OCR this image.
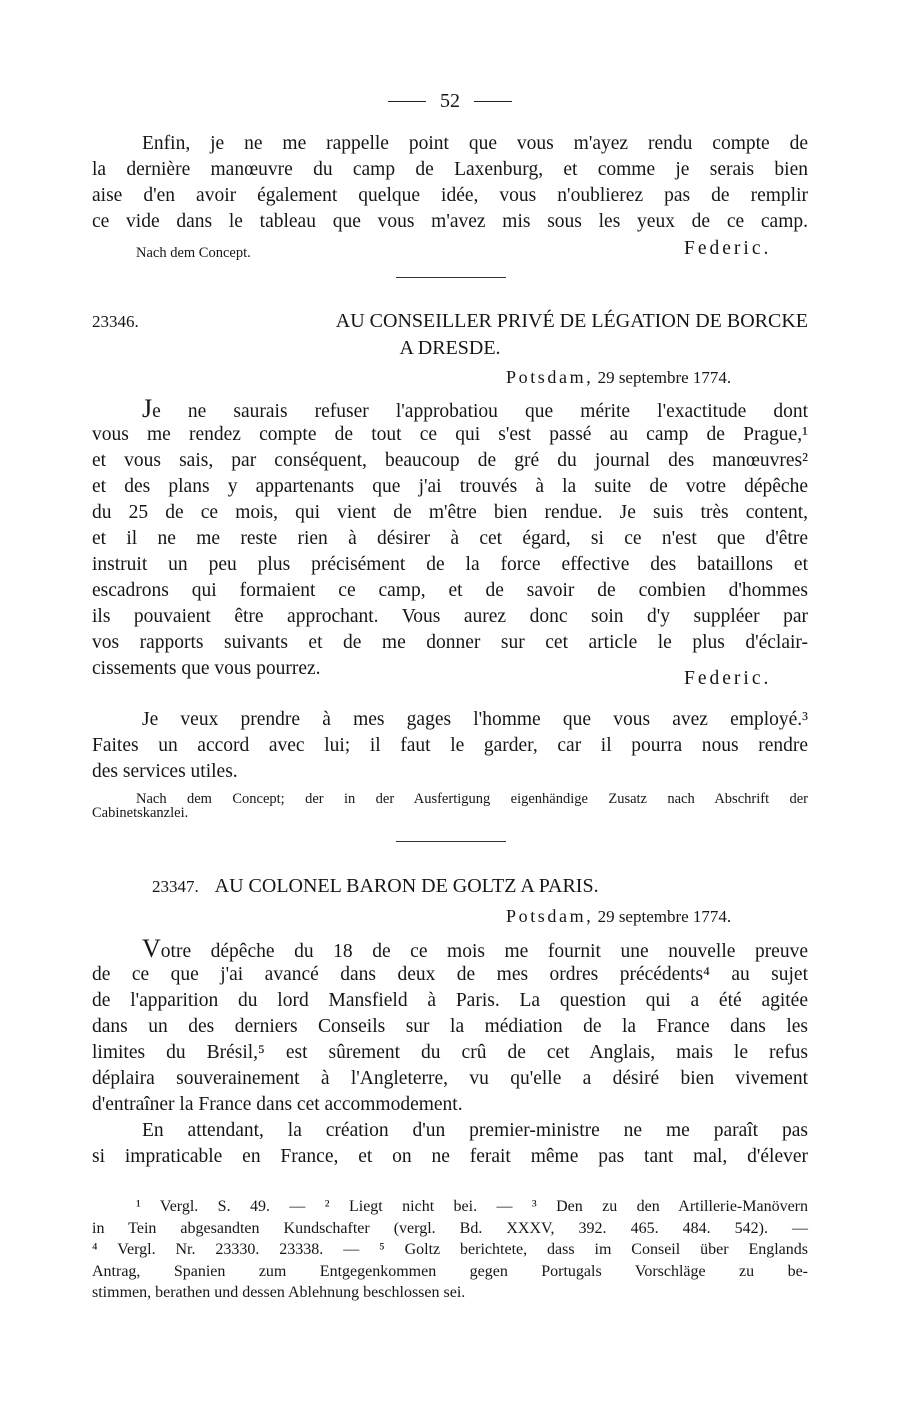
52
Enfin, je ne me rappelle point que vous m'ayez rendu compte de
la dernière manœuvre du camp de Laxenburg, et comme je serais bien
aise d'en avoir également quelque idée, vous n'oublierez pas de remplir
ce vide dans le tableau que vous m'avez mis sous les yeux de ce camp.
Nach dem Concept.	Federic.
23346.	AU CONSEILLER PRIVÉ DE LÉGATION DE BORCKE
A DRESDE.
Potsdam, 29 septembre 1774.
Je ne saurais refuser l'approbatiou que mérite l'exactitude dont
vous me rendez compte de tout ce qui s'est passé au camp de Prague,¹
et vous sais, par conséquent, beaucoup de gré du journal des manœuvres²
et des plans y appartenants que j'ai trouvés à la suite de votre dépêche
du 25 de ce mois, qui vient de m'être bien rendue. Je suis très content,
et il ne me reste rien à désirer à cet égard, si ce n'est que d'être
instruit un peu plus précisément de la force effective des bataillons et
escadrons qui formaient ce camp, et de savoir de combien d'hommes
ils pouvaient être approchant. Vous aurez donc soin d'y suppléer par
vos rapports suivants et de me donner sur cet article le plus d'éclair-
cissements que vous pourrez.	Federic.
Je veux prendre à mes gages l'homme que vous avez employé.³
Faites un accord avec lui; il faut le garder, car il pourra nous rendre
des services utiles.
Nach dem Concept; der in der Ausfertigung eigenhändige Zusatz nach Abschrift der
Cabinetskanzlei.
23347. AU COLONEL BARON DE GOLTZ A PARIS.
Potsdam, 29 septembre 1774.
Votre dépêche du 18 de ce mois me fournit une nouvelle preuve
de ce que j'ai avancé dans deux de mes ordres précédents⁴ au sujet
de l'apparition du lord Mansfield à Paris. La question qui a été agitée
dans un des derniers Conseils sur la médiation de la France dans les
limites du Brésil,⁵ est sûrement du crû de cet Anglais, mais le refus
déplaira souverainement à l'Angleterre, vu qu'elle a désiré bien vivement
d'entraîner la France dans cet accommodement.
En attendant, la création d'un premier-ministre ne me paraît pas
si impraticable en France, et on ne ferait même pas tant mal, d'élever
¹ Vergl. S. 49. — ² Liegt nicht bei. — ³ Den zu den Artillerie-Manövern
in Tein abgesandten Kundschafter (vergl. Bd. XXXV, 392. 465. 484. 542). —
⁴ Vergl. Nr. 23330. 23338. — ⁵ Goltz berichtete, dass im Conseil über Englands
Antrag, Spanien zum Entgegenkommen gegen Portugals Vorschläge zu be-
stimmen, berathen und dessen Ablehnung beschlossen sei.
